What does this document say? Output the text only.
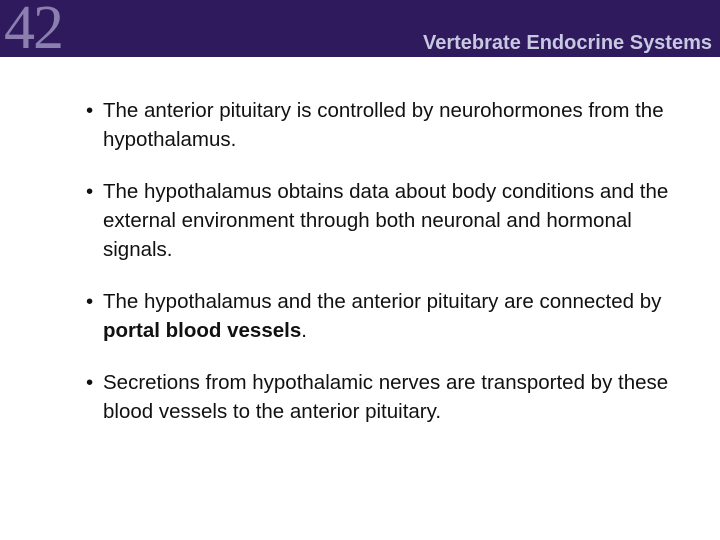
42	Vertebrate Endocrine Systems
• The anterior pituitary is controlled by neurohormones from the hypothalamus.
• The hypothalamus obtains data about body conditions and the external environment through both neuronal and hormonal signals.
• The hypothalamus and the anterior pituitary are connected by portal blood vessels.
• Secretions from hypothalamic nerves are transported by these blood vessels to the anterior pituitary.
